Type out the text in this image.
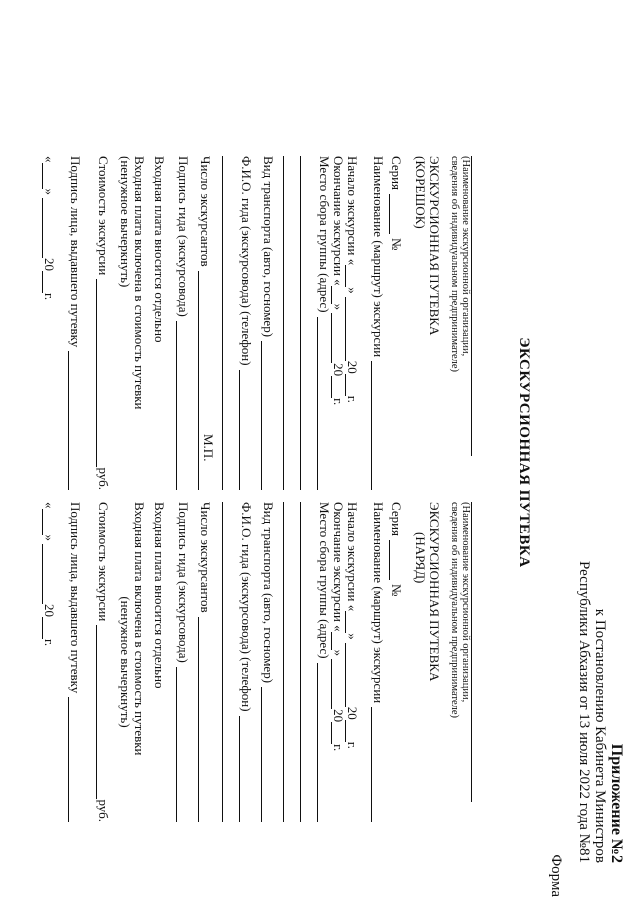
Приложение №2
к Постановлению Кабинета Министров
Республики Абхазия от 13 июля 2022 года №81
Форма
ЭКСКУРСИОННАЯ ПУТЕВКА
(Наименование экскурсионной организации,
сведения об индивидуальном предпринимателе)
ЭКСКУРСИОННАЯ ПУТЕВКА
(КОРЕШОК)
Серия
№
Наименование (маршрут) экскурсии
Начало экскурсии «
»
20
г.
Окончание экскурсии «
»
20
г.
Место сбора группы (адрес)
Вид транспорта (авто, госномер)
Ф.И.О. гида (экскурсовода) (телефон)
Число экскурсантов
Подпись гида (экскурсовода)
Входная плата вносится отдельно
Входная плата включена в стоимость путевки
(ненужное вычеркнуть)
Стоимость экскурсии
руб.
Подпись лица, выдавшего путевку
«
»
20
г.
М.П.
(Наименование экскурсионной организации,
сведения об индивидуальном предпринимателе)
ЭКСКУРСИОННАЯ ПУТЕВКА
(НАРЯД)
Серия
№
Наименование (маршрут) экскурсии
Начало экскурсии «
»
20
г.
Окончание экскурсии «
»
20
г.
Место сбора группы (адрес)
Вид транспорта (авто, госномер)
Ф.И.О. гида (экскурсовода) (телефон)
Число экскурсантов
Подпись гида (экскурсовода)
Входная плата вносится отдельно
Входная плата включена в стоимость путевки
(ненужное вычеркнуть)
Стоимость экскурсии
руб.
Подпись лица, выдавшего путевку
«
»
20
г.
